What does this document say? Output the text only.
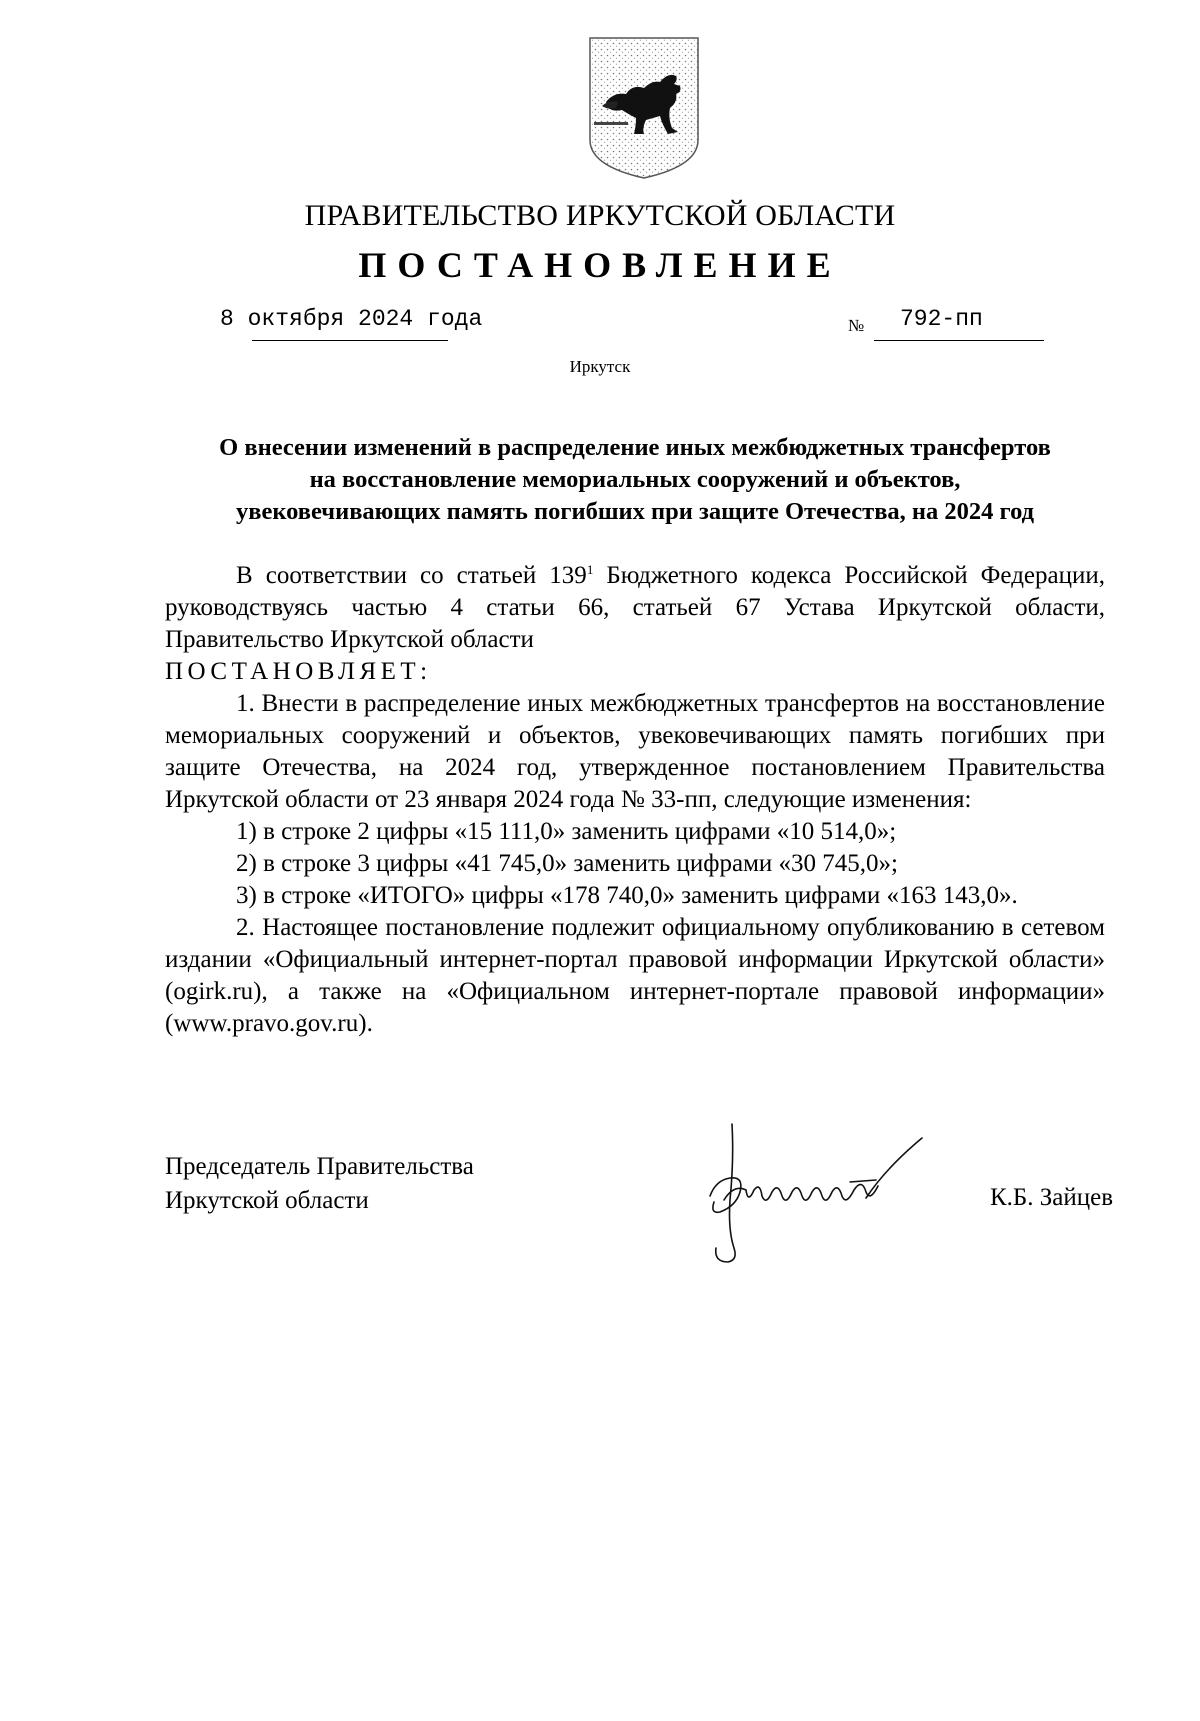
ПРАВИТЕЛЬСТВО ИРКУТСКОЙ ОБЛАСТИ
ПОСТАНОВЛЕНИЕ
8 октября 2024 года	№ 792-пп
Иркутск
О внесении изменений в распределение иных межбюджетных трансфертов
на восстановление мемориальных сооружений и объектов,
увековечивающих память погибших при защите Отечества, на 2024 год

В соответствии со статьей $139^1$ Бюджетного кодекса Российской Федерации, руководствуясь частью 4 статьи 66, статьей 67 Устава Иркутской области, Правительство Иркутской области

ПОСТАНОВЛЯЕТ:

1. Внести в распределение иных межбюджетных трансфертов на восстановление мемориальных сооружений и объектов, увековечивающих память погибших при защите Отечества, на 2024 год, утвержденное постановлением Правительства Иркутской области от 23 января 2024 года № 33-пп, следующие изменения:

1) в строке 2 цифры «15 111,0» заменить цифрами «10 514,0»;

2) в строке 3 цифры «41 745,0» заменить цифрами «30 745,0»;

3) в строке «ИТОГО» цифры «178 740,0» заменить цифрами «163 143,0».

2. Настоящее постановление подлежит официальному опубликованию в сетевом издании «Официальный интернет-портал правовой информации Иркутской области» (ogirk.ru), а также на «Официальном интернет-портале правовой информации» (www.pravo.gov.ru).

Председатель Правительства
Иркутской области	К.Б. Зайцев
